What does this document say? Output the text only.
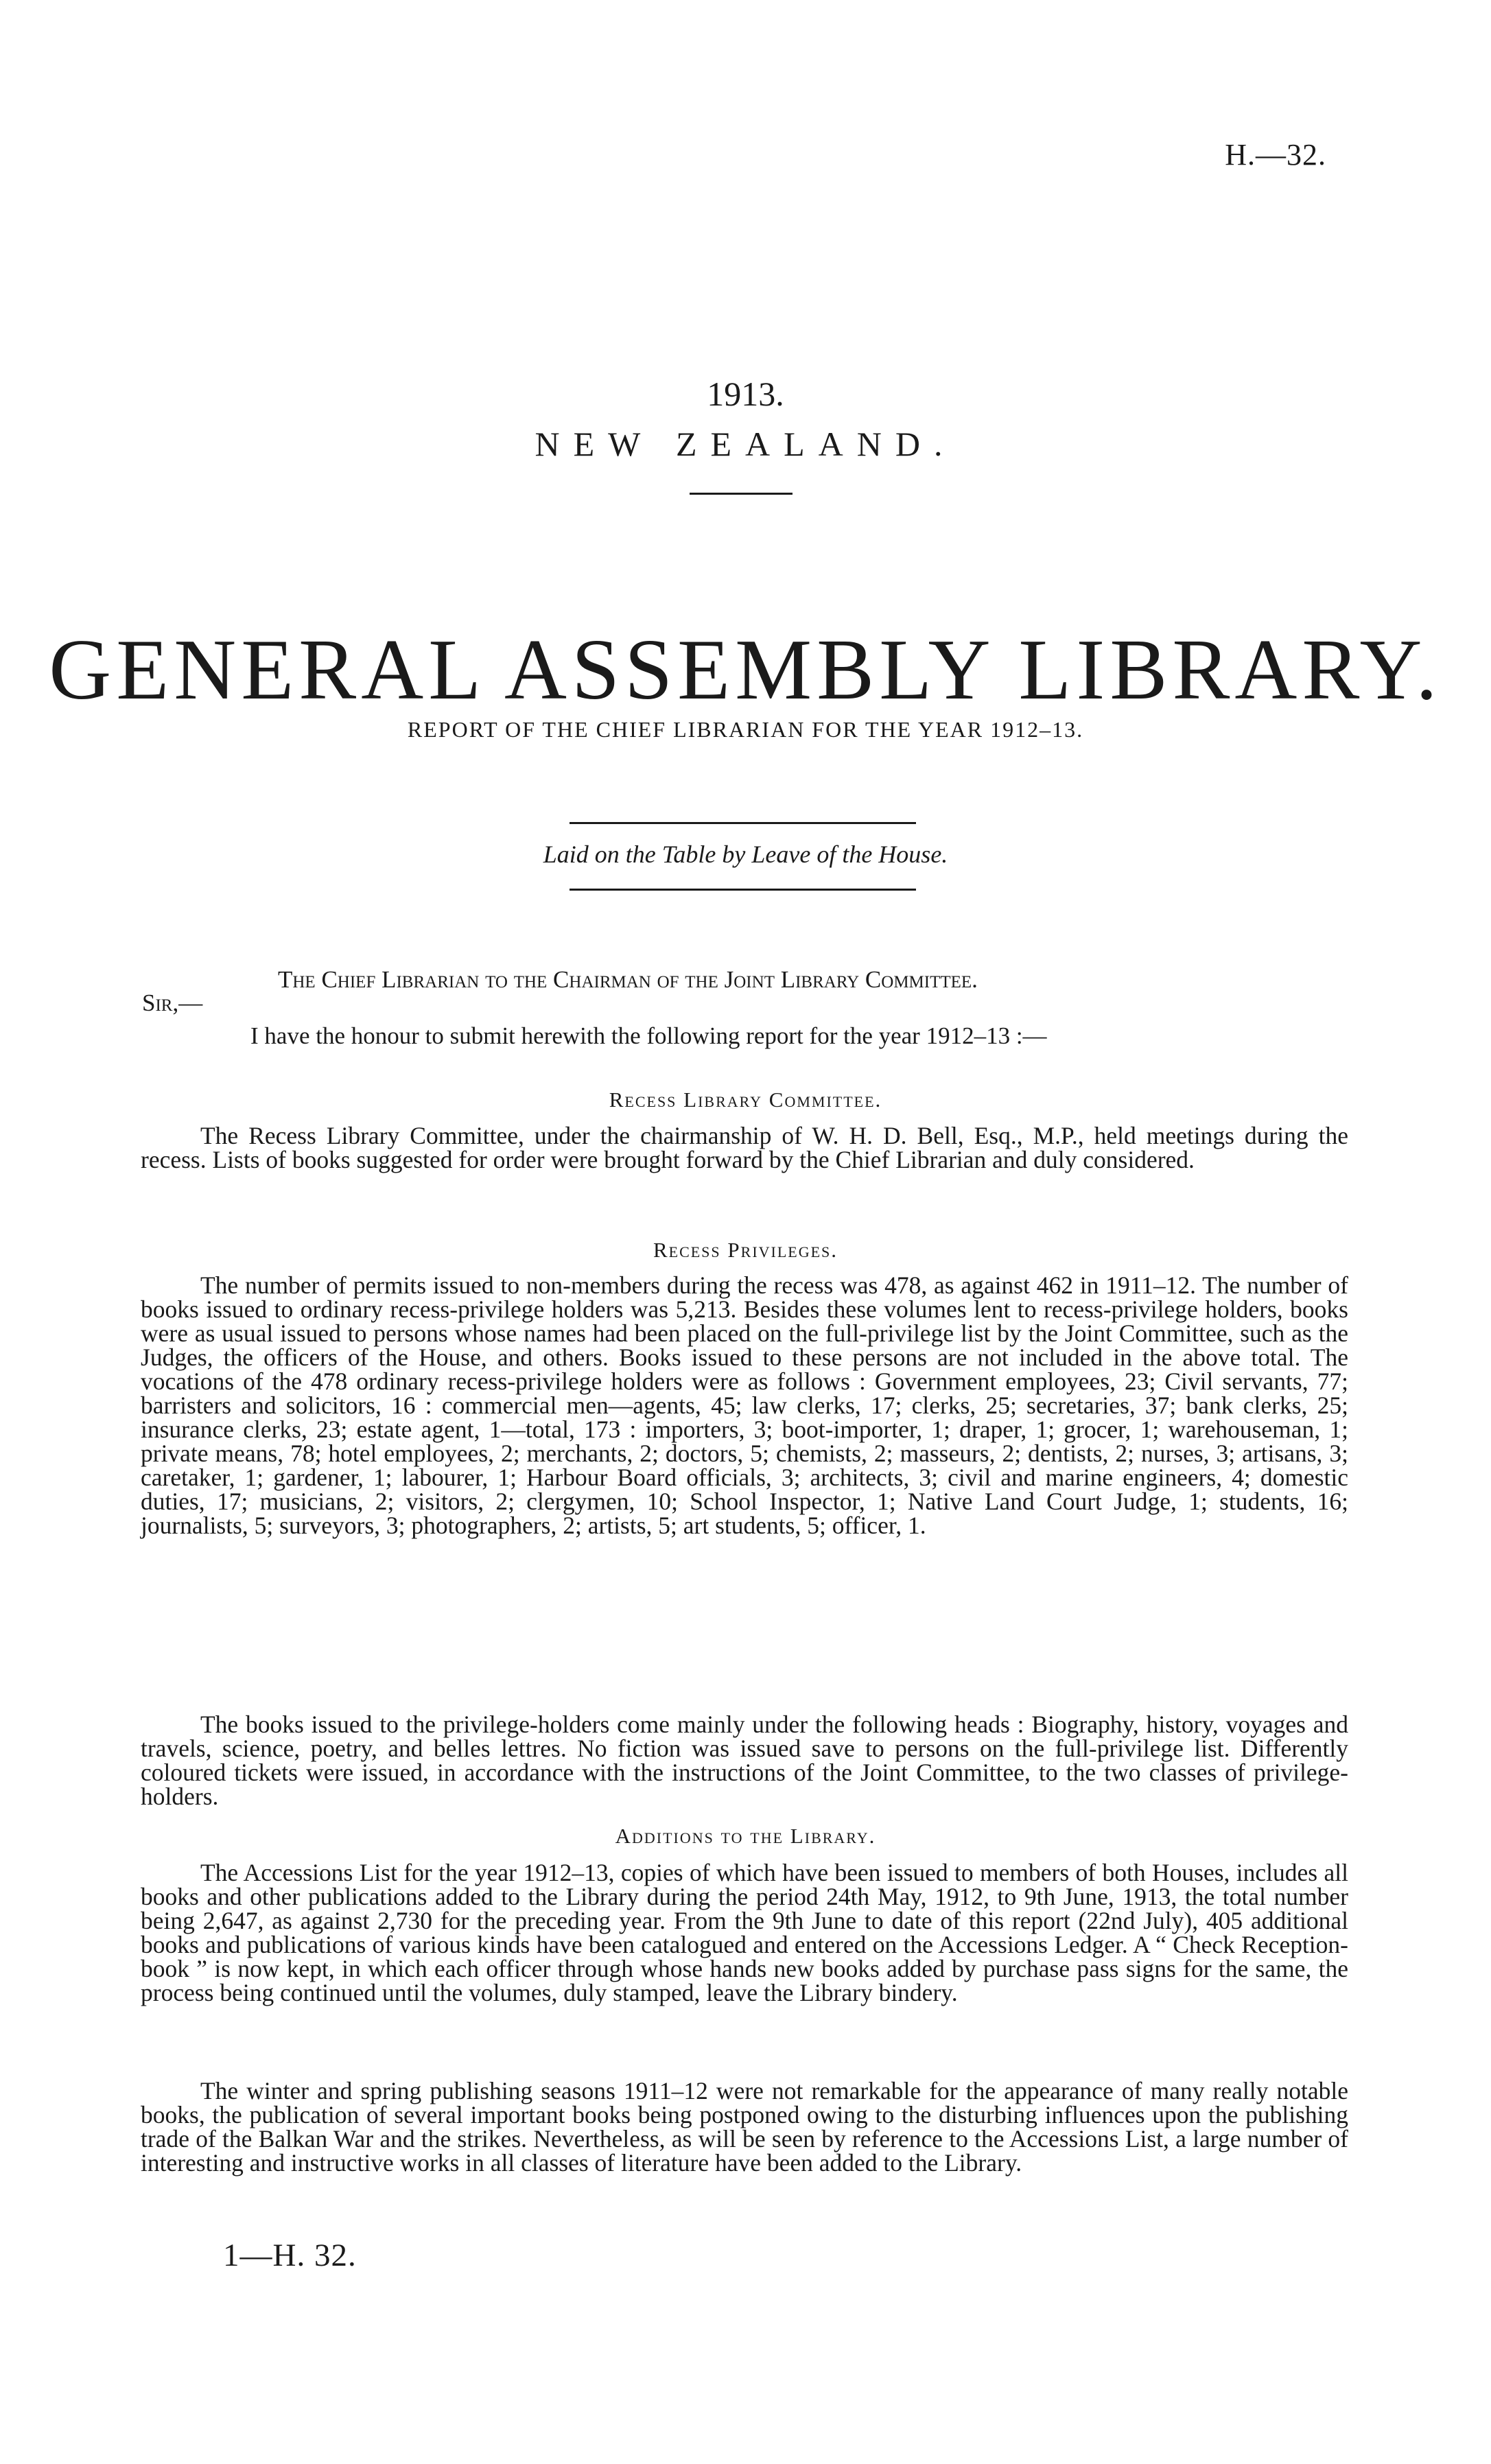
H.—32.
1913.
NEW ZEALAND.
GENERAL ASSEMBLY LIBRARY.
REPORT OF THE CHIEF LIBRARIAN FOR THE YEAR 1912–13.
Laid on the Table by Leave of the House.
The Chief Librarian to the Chairman of the Joint Library Committee.
Sir,—
I have the honour to submit herewith the following report for the year 1912–13 :—
Recess Library Committee.
The Recess Library Committee, under the chairmanship of W. H. D. Bell, Esq., M.P., held meetings during the recess. Lists of books suggested for order were brought forward by the Chief Librarian and duly considered.
Recess Privileges.
The number of permits issued to non-members during the recess was 478, as against 462 in 1911–12. The number of books issued to ordinary recess-privilege holders was 5,213. Besides these volumes lent to recess-privilege holders, books were as usual issued to persons whose names had been placed on the full-privilege list by the Joint Committee, such as the Judges, the officers of the House, and others. Books issued to these persons are not included in the above total. The vocations of the 478 ordinary recess-privilege holders were as follows : Government employees, 23; Civil servants, 77; barristers and solicitors, 16 : commercial men—agents, 45; law clerks, 17; clerks, 25; secretaries, 37; bank clerks, 25; insurance clerks, 23; estate agent, 1—total, 173 : importers, 3; boot-importer, 1; draper, 1; grocer, 1; warehouseman, 1; private means, 78; hotel employees, 2; merchants, 2; doctors, 5; chemists, 2; masseurs, 2; dentists, 2; nurses, 3; artisans, 3; caretaker, 1; gardener, 1; labourer, 1; Harbour Board officials, 3; architects, 3; civil and marine engineers, 4; domestic duties, 17; musicians, 2; visitors, 2; clergymen, 10; School Inspector, 1; Native Land Court Judge, 1; students, 16; journalists, 5; surveyors, 3; photographers, 2; artists, 5; art students, 5; officer, 1.
The books issued to the privilege-holders come mainly under the following heads : Biography, history, voyages and travels, science, poetry, and belles lettres. No fiction was issued save to persons on the full-privilege list. Differently coloured tickets were issued, in accordance with the instructions of the Joint Committee, to the two classes of privilege-holders.
Additions to the Library.
The Accessions List for the year 1912–13, copies of which have been issued to members of both Houses, includes all books and other publications added to the Library during the period 24th May, 1912, to 9th June, 1913, the total number being 2,647, as against 2,730 for the preceding year. From the 9th June to date of this report (22nd July), 405 additional books and publications of various kinds have been catalogued and entered on the Accessions Ledger. A “ Check Reception-book ” is now kept, in which each officer through whose hands new books added by purchase pass signs for the same, the process being continued until the volumes, duly stamped, leave the Library bindery.
The winter and spring publishing seasons 1911–12 were not remarkable for the appearance of many really notable books, the publication of several important books being postponed owing to the disturbing influences upon the publishing trade of the Balkan War and the strikes. Nevertheless, as will be seen by reference to the Accessions List, a large number of interesting and instructive works in all classes of literature have been added to the Library.
1—H. 32.
